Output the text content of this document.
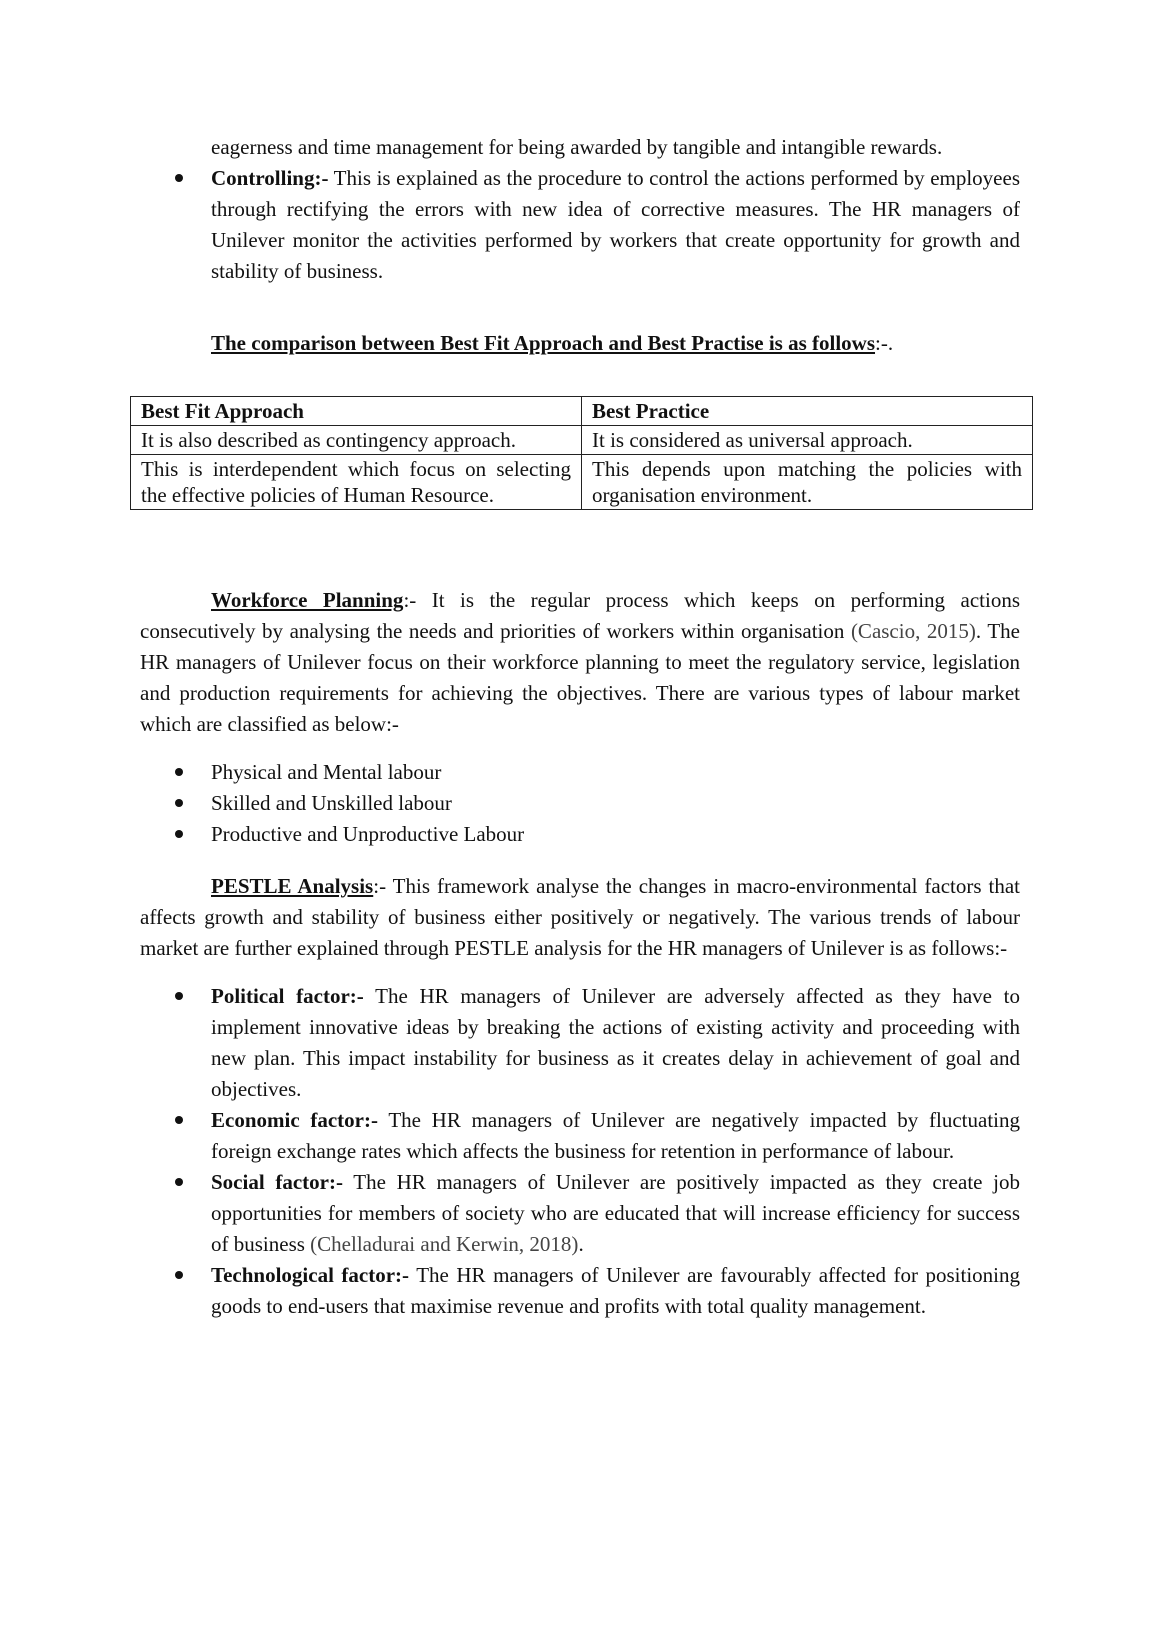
eagerness and time management for being awarded by tangible and intangible rewards.

Controlling:- This is explained as the procedure to control the actions performed by employees through rectifying the errors with new idea of corrective measures. The HR managers of Unilever monitor the activities performed by workers that create opportunity for growth and stability of business.

The comparison between Best Fit Approach and Best Practise is as follows:-.

Best Fit Approach	Best Practice
It is also described as contingency approach.	It is considered as universal approach.
This is interdependent which focus on selecting the effective policies of Human Resource.	This depends upon matching the policies with organisation environment.

Workforce Planning:- It is the regular process which keeps on performing actions consecutively by analysing the needs and priorities of workers within organisation (Cascio, 2015). The HR managers of Unilever focus on their workforce planning to meet the regulatory service, legislation and production requirements for achieving the objectives. There are various types of labour market which are classified as below:-

Physical and Mental labour
Skilled and Unskilled labour
Productive and Unproductive Labour

PESTLE Analysis:- This framework analyse the changes in macro-environmental factors that affects growth and stability of business either positively or negatively. The various trends of labour market are further explained through PESTLE analysis for the HR managers of Unilever is as follows:-

Political factor:- The HR managers of Unilever are adversely affected as they have to implement innovative ideas by breaking the actions of existing activity and proceeding with new plan. This impact instability for business as it creates delay in achievement of goal and objectives.
Economic factor:- The HR managers of Unilever are negatively impacted by fluctuating foreign exchange rates which affects the business for retention in performance of labour.
Social factor:- The HR managers of Unilever are positively impacted as they create job opportunities for members of society who are educated that will increase efficiency for success of business (Chelladurai and Kerwin, 2018).
Technological factor:- The HR managers of Unilever are favourably affected for positioning goods to end-users that maximise revenue and profits with total quality management.
